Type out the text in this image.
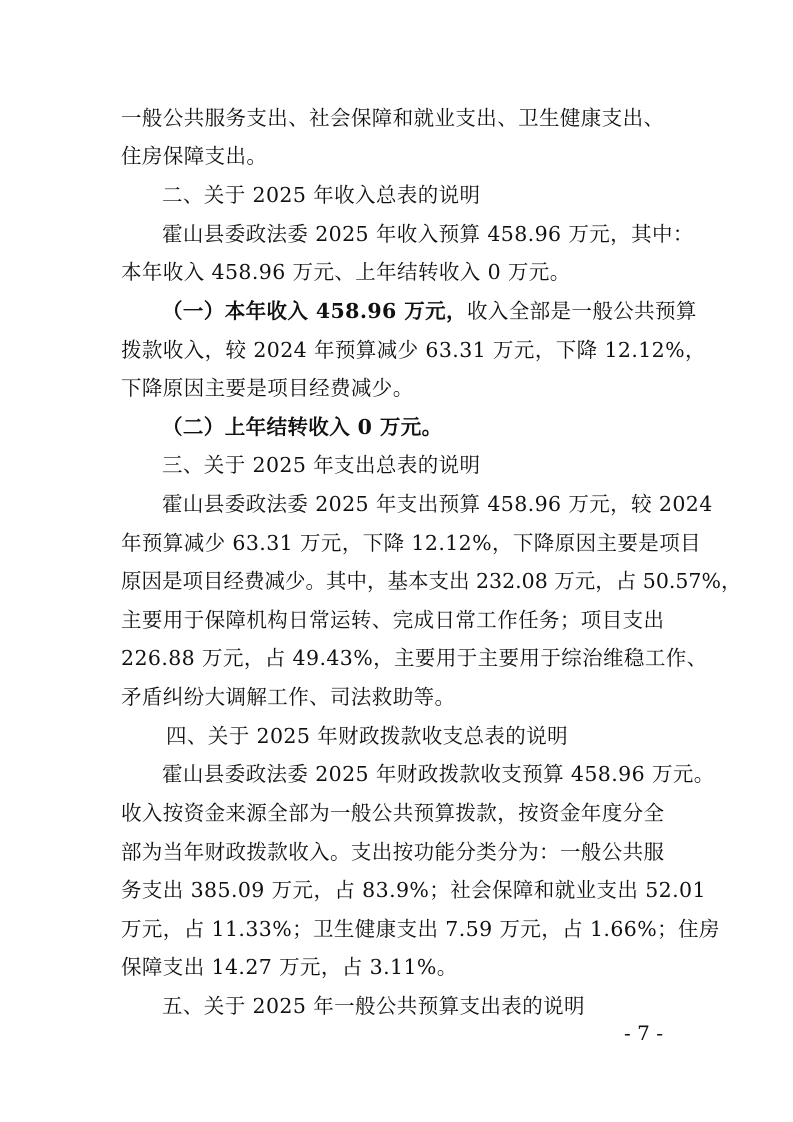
一般公共服务支出、社会保障和就业支出、卫生健康支出、
住房保障支出。
二、关于 2025 年收入总表的说明
霍山县委政法委 2025 年收入预算 458.96 万元，其中：
本年收入 458.96 万元、上年结转收入 0 万元。
（一）本年收入 458.96 万元，收入全部是一般公共预算
拨款收入，较 2024 年预算减少 63.31 万元，下降 12.12%，
下降原因主要是项目经费减少。
（二）上年结转收入 0 万元。
三、关于 2025 年支出总表的说明
霍山县委政法委 2025 年支出预算 458.96 万元，较 2024
年预算减少 63.31 万元，下降 12.12%，下降原因主要是项目
原因是项目经费减少。其中，基本支出 232.08 万元，占 50.57%，
主要用于保障机构日常运转、完成日常工作任务；项目支出
226.88 万元，占 49.43%，主要用于主要用于综治维稳工作、
矛盾纠纷大调解工作、司法救助等。
四、关于 2025 年财政拨款收支总表的说明
霍山县委政法委 2025 年财政拨款收支预算 458.96 万元。
收入按资金来源全部为一般公共预算拨款，按资金年度分全
部为当年财政拨款收入。支出按功能分类分为：一般公共服
务支出 385.09 万元，占 83.9%；社会保障和就业支出 52.01
万元，占 11.33%；卫生健康支出 7.59 万元，占 1.66%；住房
保障支出 14.27 万元，占 3.11%。
五、关于 2025 年一般公共预算支出表的说明
- 7 -
